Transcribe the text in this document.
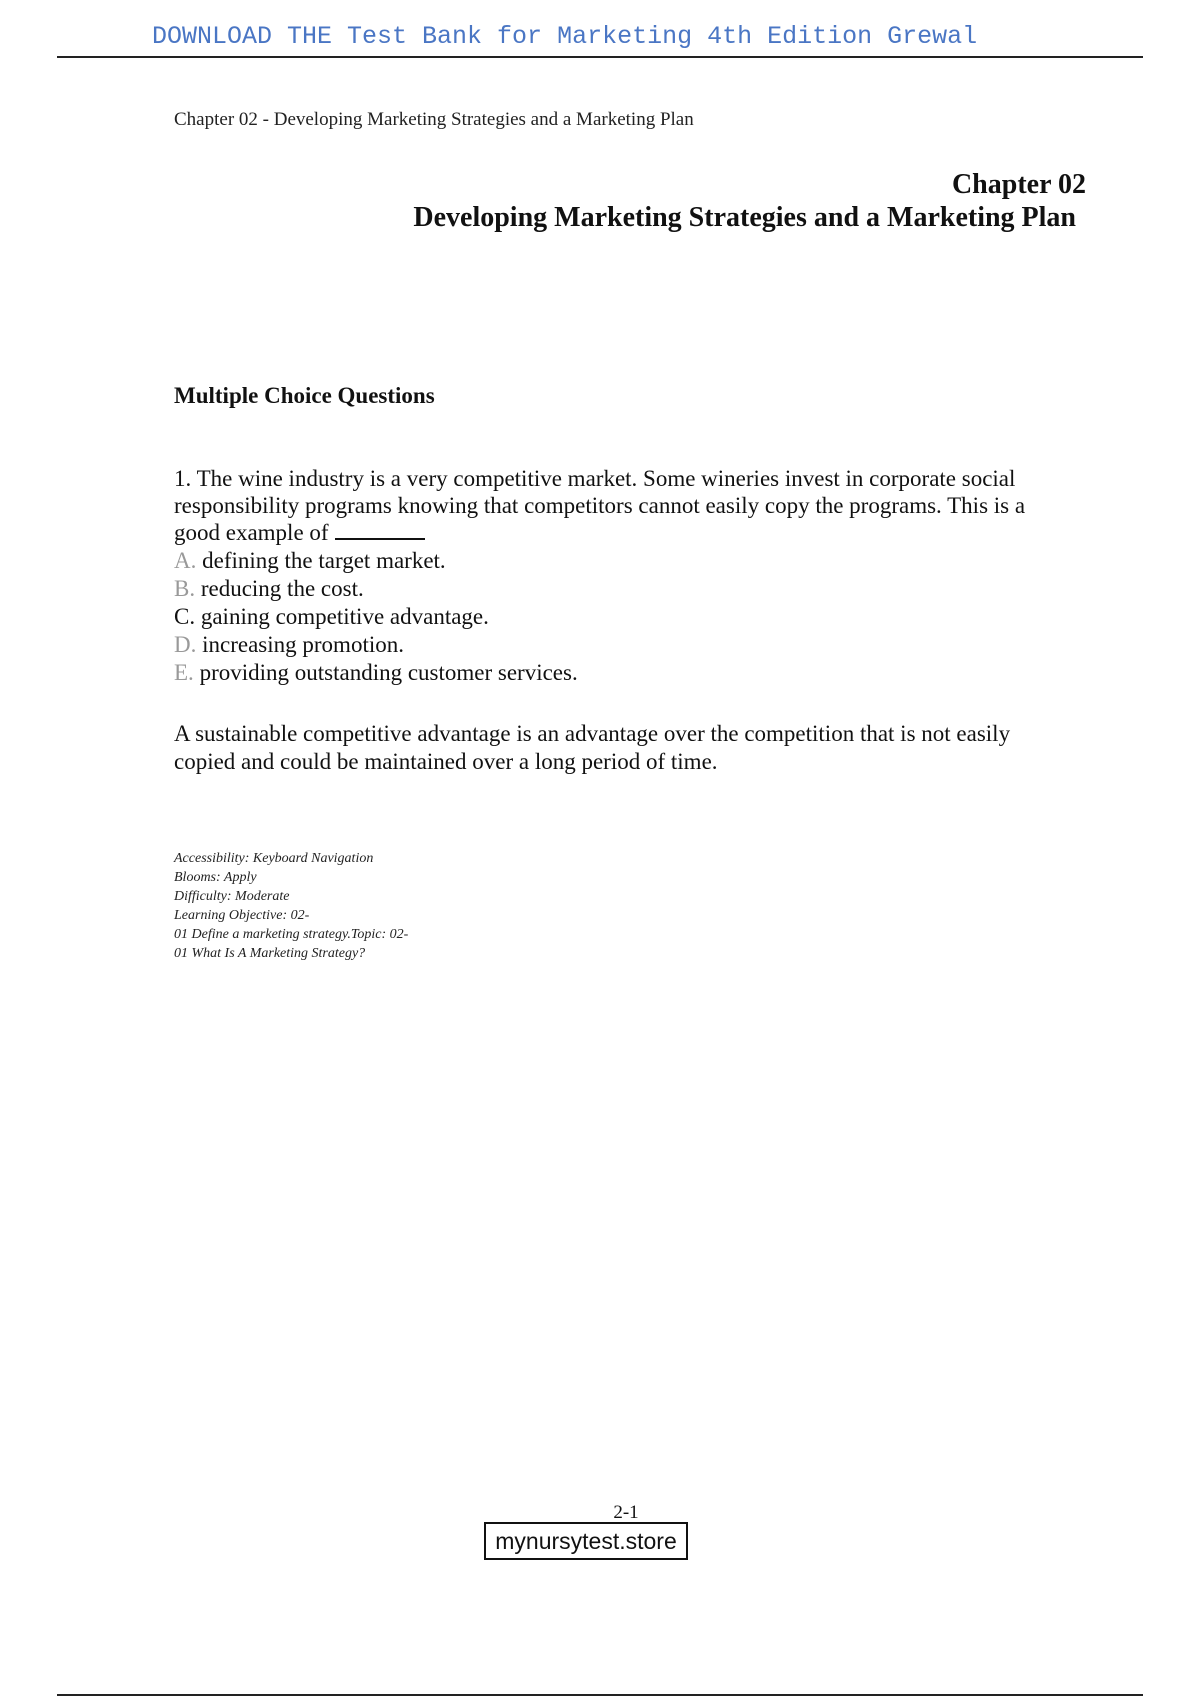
DOWNLOAD THE Test Bank for Marketing 4th Edition Grewal
Chapter 02 - Developing Marketing Strategies and a Marketing Plan
Chapter 02
Developing Marketing Strategies and a Marketing Plan
Multiple Choice Questions
1. The wine industry is a very competitive market. Some wineries invest in corporate social responsibility programs knowing that competitors cannot easily copy the programs. This is a good example of
A. defining the target market.
B. reducing the cost.
C. gaining competitive advantage.
D. increasing promotion.
E. providing outstanding customer services.
A sustainable competitive advantage is an advantage over the competition that is not easily copied and could be maintained over a long period of time.
Accessibility: Keyboard Navigation
Blooms: Apply
Difficulty: Moderate
Learning Objective: 02-
01 Define a marketing strategy.Topic: 02-
01 What Is A Marketing Strategy?
2-1
mynursytest.store
